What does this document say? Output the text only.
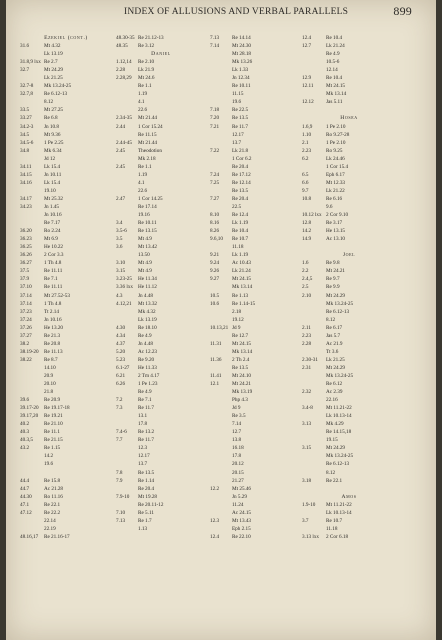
INDEX OF ALLUSIONS AND VERBAL PARALLELS	899
Ezekiel (cont.)
31.6	Mt 4.32
Lk 13.19
31.8,9 lxx Re 2.7
32.7	Mt 24.29
Lk 21.25
32.7-8 Mk 13.24-25
32.7,8 Re 6.12-13
8.12
33.5	Mt 27.25
33.27 Re 6.8
34.2-3 Jn 10.8
34.5	Mt 9.36
34.5-6 1 Pe 2.25
34.8	Mk 6.34
Jd 12
34.11 Lk 15.4
34.15 Jn 10.11
34.16 Lk 15.4
19.10
34.17 Mt 25.32
34.23 Jn 1.45
Jn 10.16
Re 7.17
36.20 Ro 2.24
36.23 Mt 6.9
36.25 He 10.22
36.26 2 Cor 3.3
36.27 1 Th 4.8
37.5	Re 11.11
37.9	Re 7.1
37.10 Re 11.11
37.14 Mt 27.52-53
37.14 1 Th 4.8
37.23 Tt 2.14
37.24 Jn 10.16
37.26 He 13.20
37.27 Re 21.3
38.2	Re 20.8
38.19-20 Re 11.13
38.22 Re 8.7
14.10
20.9
20.10
21.8
39.6	Re 20.9
39.17-20 Re 19.17-18
39.17,20 Re 19.21
40.2	Re 21.10
40.3	Re 11.1
40.3,5 Re 21.15
43.2	Re 1.15
14.2
19.6
44.4	Re 15.8
44.7	Ac 21.28
44.30 Ro 11.16
47.1	Re 22.1
47.12 Re 22.2
22.14
22.19
48.16,17 Re 21.16-17
48.30-35 Re 21.12-13
48.35 Re 3.12
Daniel
1.12,14 Re 2.10
2.28 Lk 21.9
2.28,29 Mt 24.6
Re 1.1
1.19
4.1
22.6
2.34-35 Mt 21.44
2.44 1 Cor 15.24
Re 11.15
2.44-45 Mt 21.44
2.45 Theodotion
Mk 2.18
2.45 Re 1.1
1.19
4.1
22.6
2.47 1 Cor 14.25
Re 17.14
19.16
3.4	Re 10.11
3.5-6 Re 13.15
3.5	Mt 4.9
3.6	Mt 13.42
13.50
3.10 Mt 4.9
3.15 Mt 4.9
3.23-25 He 11.34
3.36 lxx He 11.12
4.3	Jn 4.48
4.12,21 Mt 13.32
Mk 4.32
Lk 13.19
4.30 Re 18.10
4.34 Re 4.9
4.37 Jn 4.48
5.20 Ac 12.23
5.23 Re 9.20
6.1-27 He 11.33
6.21 2 Tm 4.17
6.26 1 Pe 1.23
Re 4.9
7.2	Re 7.1
7.3	Re 11.7
13.1
17.8
7.4-6 Re 13.2
7.7	Re 11.7
12.3
12.17
13.7
7.8	Re 13.5
7.9	Re 1.14
Re 20.4
7.9-10 Mt 19.28
Re 20.11-12
7.10 Re 5.11
7.13 Re 1.7
1.13
7.13 Re 14.14
7.14 Mt 24.30
Mt 28.18
Mk 13.26
Lk 1.33
Jn 12.34
Re 10.11
11.15
19.6
7.18 Re 22.5
7.20 Re 13.5
7.21 Re 11.7
12.17
13.7
7.22 Lk 21.8
1 Cor 6.2
Re 20.4
7.24 Re 17.12
7.25 Re 12.14
Re 13.5
7.27 Re 20.4
22.5
8.10 Re 12.4
8.16 Lk 1.19
8.26 Re 10.4
9.6,10 Re 10.7
11.18
9.21 Lk 1.19
9.24 Ac 10.43
9.26 Lk 21.24
9.27 Mt 24.15
Mk 13.14
10.5 Re 1.13
10.6 Re 1.14-15
2.18
19.12
10.13,21 Jd 9
Re 12.7
11.31 Mt 24.15
Mk 13.14
11.36 2 Th 2.4
Re 13.5
11.41 Mt 24.10
12.1 Mt 24.21
Mk 13.19
Php 4.3
Jd 9
Re 3.5
7.14
12.7
13.8
16.18
17.8
20.12
20.15
21.27
12.2 Mt 25.46
Jn 5.29
11.24
Ac 24.15
12.3 Mt 13.43
Eph 2.15
12.4 Re 22.10
12.4	Re 10.4
12.7	Lk 21.24
Re 4.9
10.5-6
12.14
12.9	Re 10.4
12.11 Mt 24.15
Mk 13.14
12.12 Jas 5.11
Hosea
1.6,9	1 Pe 2.10
1.10	Ro 9.27-28
2.1	1 Pe 2.10
2.23	Ro 9.25
6.2	Lk 24.46
1 Cor 15.4
6.5	Eph 6.17
6.6	Mt 12.33
9.7	Lk 21.22
10.8	Re 6.16
9.6
10.12 lxx 2 Cor 9.10
12.8	Re 3.17
14.2	He 13.15
14.9	Ac 13.10
Joel
1.6	Re 9.8
2.2	Mt 24.21
2.4,5	Re 9.7
2.5	Re 9.9
2.10	Mt 24.29
Mk 13.24-25
Re 6.12-13
8.12
2.11	Re 6.17
2.23	Jas 5.7
2.28	Ac 21.9
Tt 3.6
2.30-31 Lk 21.25
2.31	Mt 24.29
Mk 13.24-25
Re 6.12
2.32	Ac 2.39
22.16
3.4-8	Mt 11.21-22
Lk 10.13-14
3.13	Mk 4.29
Re 14.15,18
19.15
3.15	Mt 24.29
Mk 13.24-25
Re 6.12-13
8.12
3.18	Re 22.1
Amos
1.9-10 Mt 11.21-22
Lk 10.13-14
3.7	Re 10.7
11.18
3.13 lxx 2 Cor 6.18
